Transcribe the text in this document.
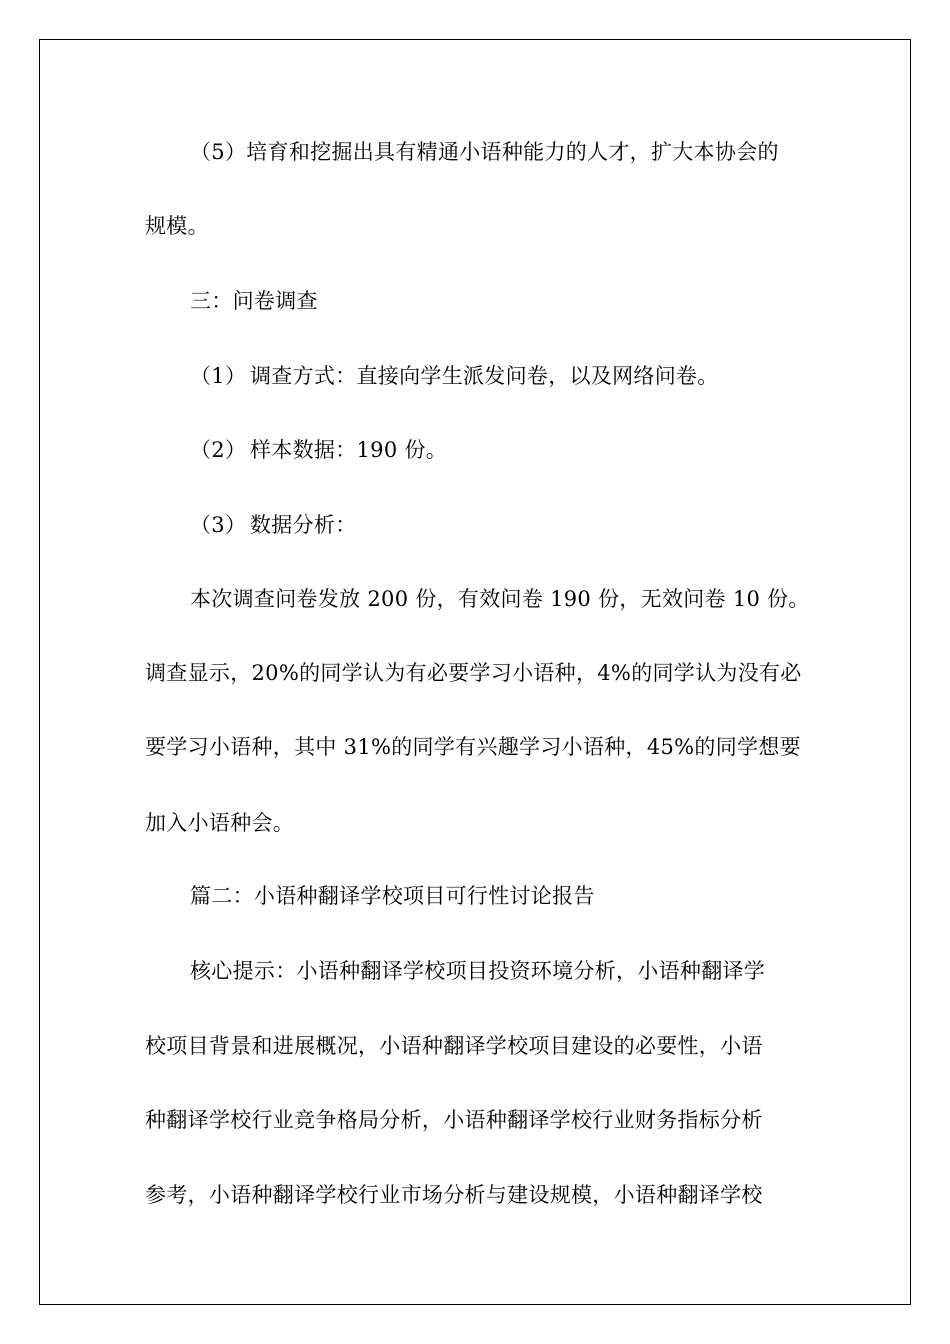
（5）培育和挖掘出具有精通小语种能力的人才，扩大本协会的
规模。
三：问卷调查
（1） 调查方式：直接向学生派发问卷，以及网络问卷。
（2） 样本数据：190 份。
（3） 数据分析：
本次调查问卷发放 200 份，有效问卷 190 份，无效问卷 10 份。
调查显示，20%的同学认为有必要学习小语种，4%的同学认为没有必
要学习小语种，其中 31%的同学有兴趣学习小语种，45%的同学想要
加入小语种会。
篇二：小语种翻译学校项目可行性讨论报告
核心提示：小语种翻译学校项目投资环境分析，小语种翻译学
校项目背景和进展概况，小语种翻译学校项目建设的必要性，小语
种翻译学校行业竞争格局分析，小语种翻译学校行业财务指标分析
参考，小语种翻译学校行业市场分析与建设规模，小语种翻译学校
